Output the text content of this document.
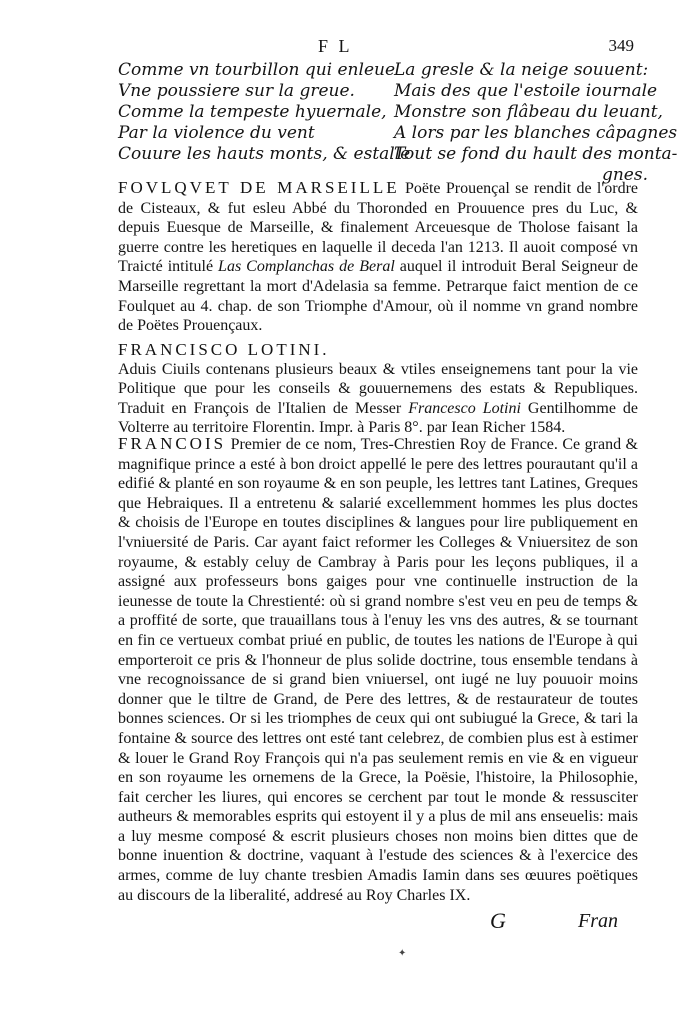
F L	349
Comme vn tourbillon qui enleue
Vne poussiere sur la greue.
Comme la tempeste hyuernale,
Par la violence du vent
Couure les hauts monts, & estalle
La gresle & la neige souuent:
Mais des que l'estoile iournale
Monstre son flâbeau du leuant,
A lors par les blanches câpagnes
Tout se fond du hault des monta-
gnes.
FOVLQVET DE MARSEILLE Poëte Prouençal se rendit de l'ordre de Cisteaux, & fut esleu Abbé du Thoronded en Prouuence pres du Luc, & depuis Euesque de Marseille, & finalement Arceuesque de Tholose faisant la guerre contre les heretiques en laquelle il deceda l'an 1213. Il auoit composé vn Traicté intitulé Las Complanchas de Beral auquel il introduit Beral Seigneur de Marseille regrettant la mort d'Adelasia sa femme. Petrarque faict mention de ce Foulquet au 4. chap. de son Triomphe d'Amour, où il nomme vn grand nombre de Poëtes Prouençaux.
FRANCISCO LOTINI.
Aduis Ciuils contenans plusieurs beaux & vtiles enseignemens tant pour la vie Politique que pour les conseils & gouuernemens des estats & Republiques. Traduit en François de l'Italien de Messer Francesco Lotini Gentilhomme de Volterre au territoire Florentin. Impr. à Paris 8°. par Iean Richer 1584.
FRANCOIS Premier de ce nom, Tres-Chrestien Roy de France. Ce grand & magnifique prince a esté à bon droict appellé le pere des lettres pourautant qu'il a edifié & planté en son royaume & en son peuple, les lettres tant Latines, Greques que Hebraiques. Il a entretenu & salarié excellemment hommes les plus doctes & choisis de l'Europe en toutes disciplines & langues pour lire publiquement en l'vniuersité de Paris. Car ayant faict reformer les Colleges & Vniuersitez de son royaume, & estably celuy de Cambray à Paris pour les leçons publiques, il a assigné aux professeurs bons gaiges pour vne continuelle instruction de la ieunesse de toute la Chrestienté: où si grand nombre s'est veu en peu de temps & a proffité de sorte, que trauaillans tous à l'enuy les vns des autres, & se tournant en fin ce vertueux combat priué en public, de toutes les nations de l'Europe à qui emporteroit ce pris & l'honneur de plus solide doctrine, tous ensemble tendans à vne recognoissance de si grand bien vniuersel, ont iugé ne luy pouuoir moins donner que le tiltre de Grand, de Pere des lettres, & de restaurateur de toutes bonnes sciences. Or si les triomphes de ceux qui ont subiugué la Grece, & tari la fontaine & source des lettres ont esté tant celebrez, de combien plus est à estimer & louer le Grand Roy François qui n'a pas seulement remis en vie & en vigueur en son royaume les ornemens de la Grece, la Poësie, l'histoire, la Philosophie, fait cercher les liures, qui encores se cerchent par tout le monde & ressusciter autheurs & memorables esprits qui estoyent il y a plus de mil ans enseuelis: mais a luy mesme composé & escrit plusieurs choses non moins bien dittes que de bonne inuention & doctrine, vaquant à l'estude des sciences & à l'exercice des armes, comme de luy chante tresbien Amadis Iamin dans ses œuures poëtiques au discours de la liberalité, addresé au Roy Charles IX.
G	Fran
✦
